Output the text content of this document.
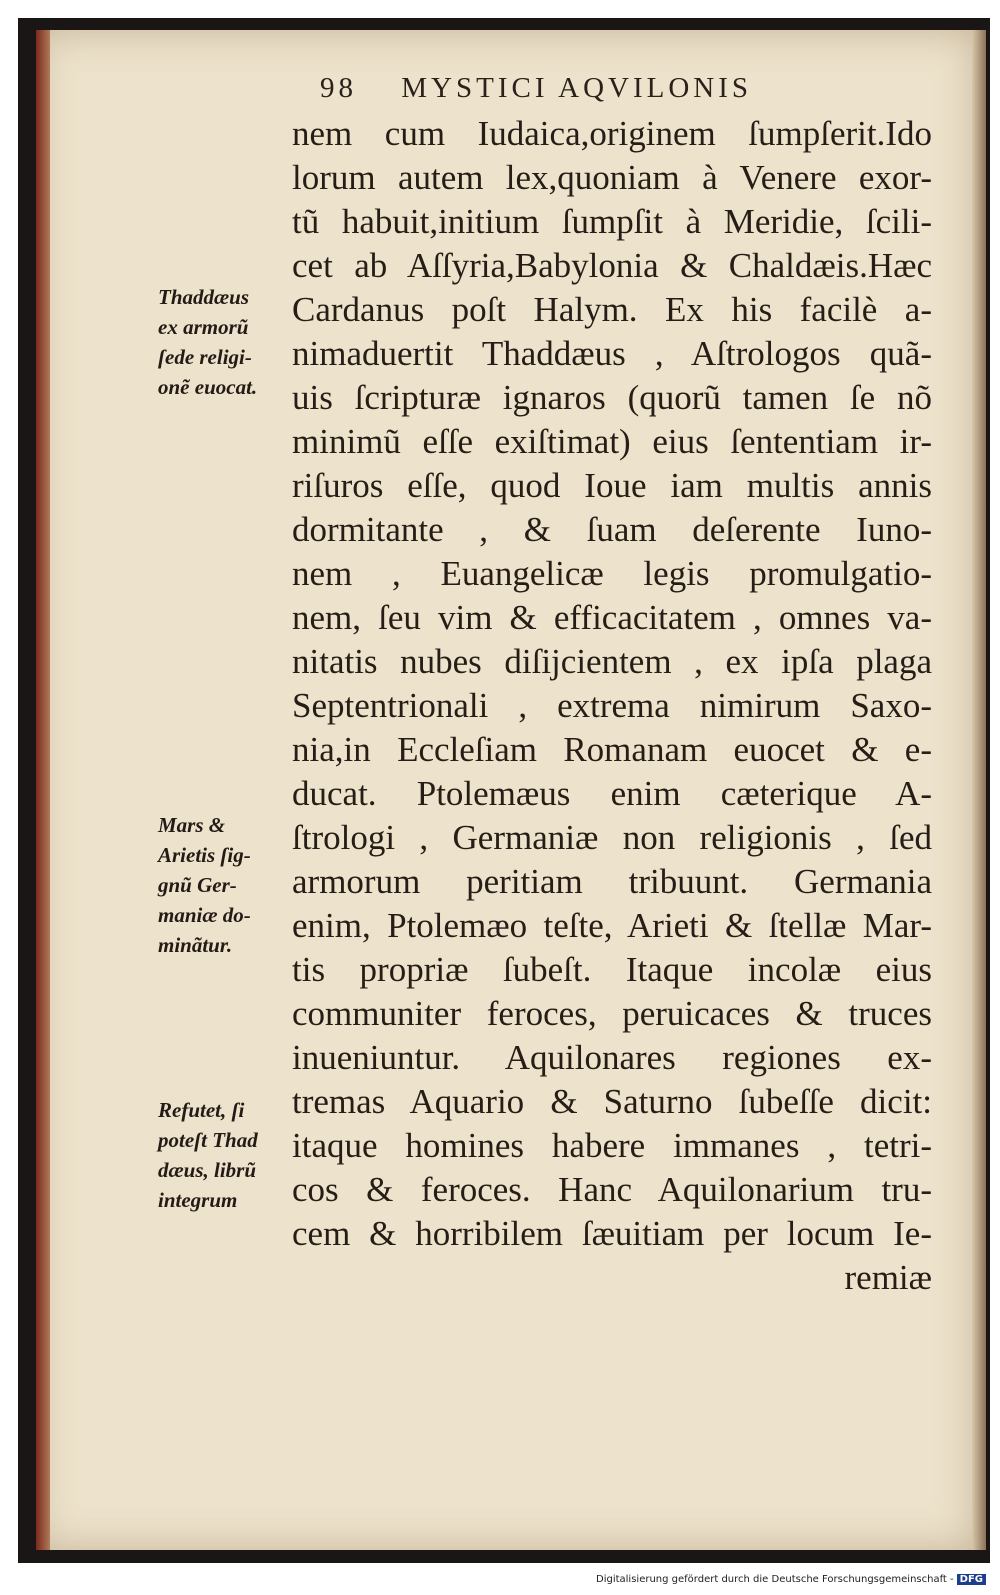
98 MYSTICI AQVILONIS
nem cum Iudaica,originem ſumpſerit.Ido
lorum autem lex,quoniam à Venere exor-
tũ habuit,initium ſumpſit à Meridie, ſcili-
cet ab Aſſyria,Babylonia & Chaldæis.Hæc
Cardanus poſt Halym. Ex his facilè a-
nimaduertit Thaddæus , Aſtrologos quã-
uis ſcripturæ ignaros (quorũ tamen ſe nõ
minimũ eſſe exiſtimat) eius ſententiam ir-
riſuros eſſe, quod Ioue iam multis annis
dormitante , & ſuam deſerente Iuno-
nem , Euangelicæ legis promulgatio-
nem, ſeu vim & efficacitatem , omnes va-
nitatis nubes diſijcientem , ex ipſa plaga
Septentrionali , extrema nimirum Saxo-
nia,in Eccleſiam Romanam euocet & e-
ducat. Ptolemæus enim cæterique A-
ſtrologi , Germaniæ non religionis , ſed
armorum peritiam tribuunt. Germania
enim, Ptolemæo teſte, Arieti & ſtellæ Mar-
tis propriæ ſubeſt. Itaque incolæ eius
communiter feroces, peruicaces & truces
inueniuntur. Aquilonares regiones ex-
tremas Aquario & Saturno ſubeſſe dicit:
itaque homines habere immanes , tetri-
cos & feroces. Hanc Aquilonarium tru-
cem & horribilem ſæuitiam per locum Ie-
remiæ
Thaddæus
ex armorũ
ſede religi-
onẽ euocat.
Mars &
Arietis ſig-
gnũ Ger-
maniæ do-
minãtur.
Refutet, ſi
poteſt Thad
dæus, librũ
integrum
Digitalisierung gefördert durch die Deutsche Forschungsgemeinschaft - DFG
